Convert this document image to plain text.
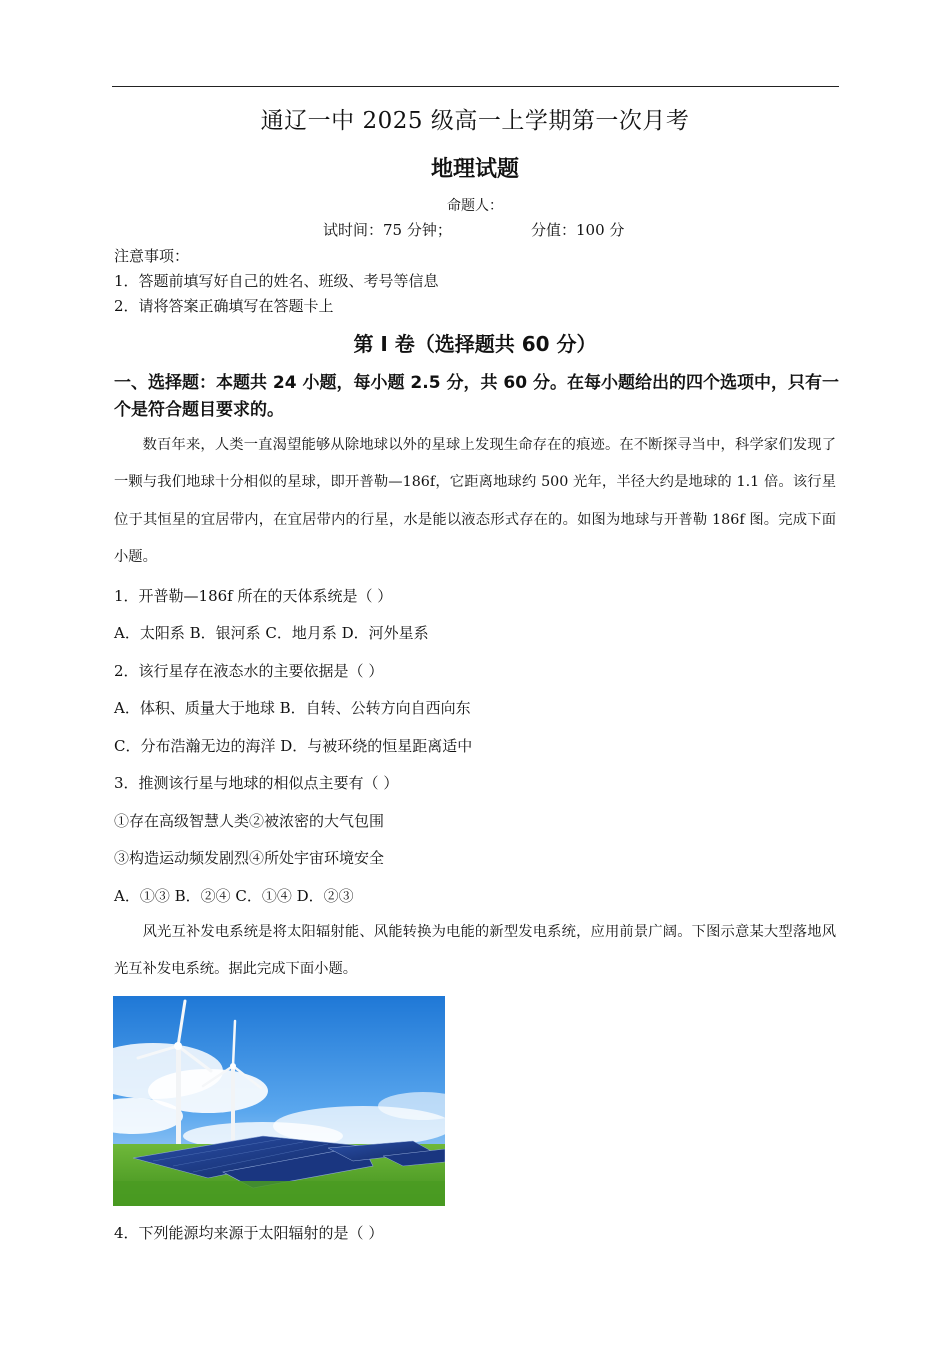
通辽一中 2025 级高一上学期第一次月考
地理试题
命题人：
试时间：75 分钟；	分值：100 分
注意事项：
1．答题前填写好自己的姓名、班级、考号等信息
2．请将答案正确填写在答题卡上
第 I 卷（选择题共 60 分）
一、选择题：本题共 24 小题，每小题 2.5 分，共 60 分。在每小题给出的四个选项中，只有一个是符合题目要求的。
数百年来，人类一直渴望能够从除地球以外的星球上发现生命存在的痕迹。在不断探寻当中，科学家们发现了一颗与我们地球十分相似的星球，即开普勒—186f，它距离地球约 500 光年，半径大约是地球的 1.1 倍。该行星位于其恒星的宜居带内，在宜居带内的行星，水是能以液态形式存在的。如图为地球与开普勒 186f 图。完成下面小题。
1．开普勒—186f 所在的天体系统是（ ）
A．太阳系 B．银河系 C．地月系 D．河外星系
2．该行星存在液态水的主要依据是（ ）
A．体积、质量大于地球 B．自转、公转方向自西向东
C．分布浩瀚无边的海洋 D．与被环绕的恒星距离适中
3．推测该行星与地球的相似点主要有（ ）
①存在高级智慧人类②被浓密的大气包围
③构造运动频发剧烈④所处宇宙环境安全
A．①③ B．②④ C．①④ D．②③
风光互补发电系统是将太阳辐射能、风能转换为电能的新型发电系统，应用前景广阔。下图示意某大型落地风光互补发电系统。据此完成下面小题。
4．下列能源均来源于太阳辐射的是（ ）
